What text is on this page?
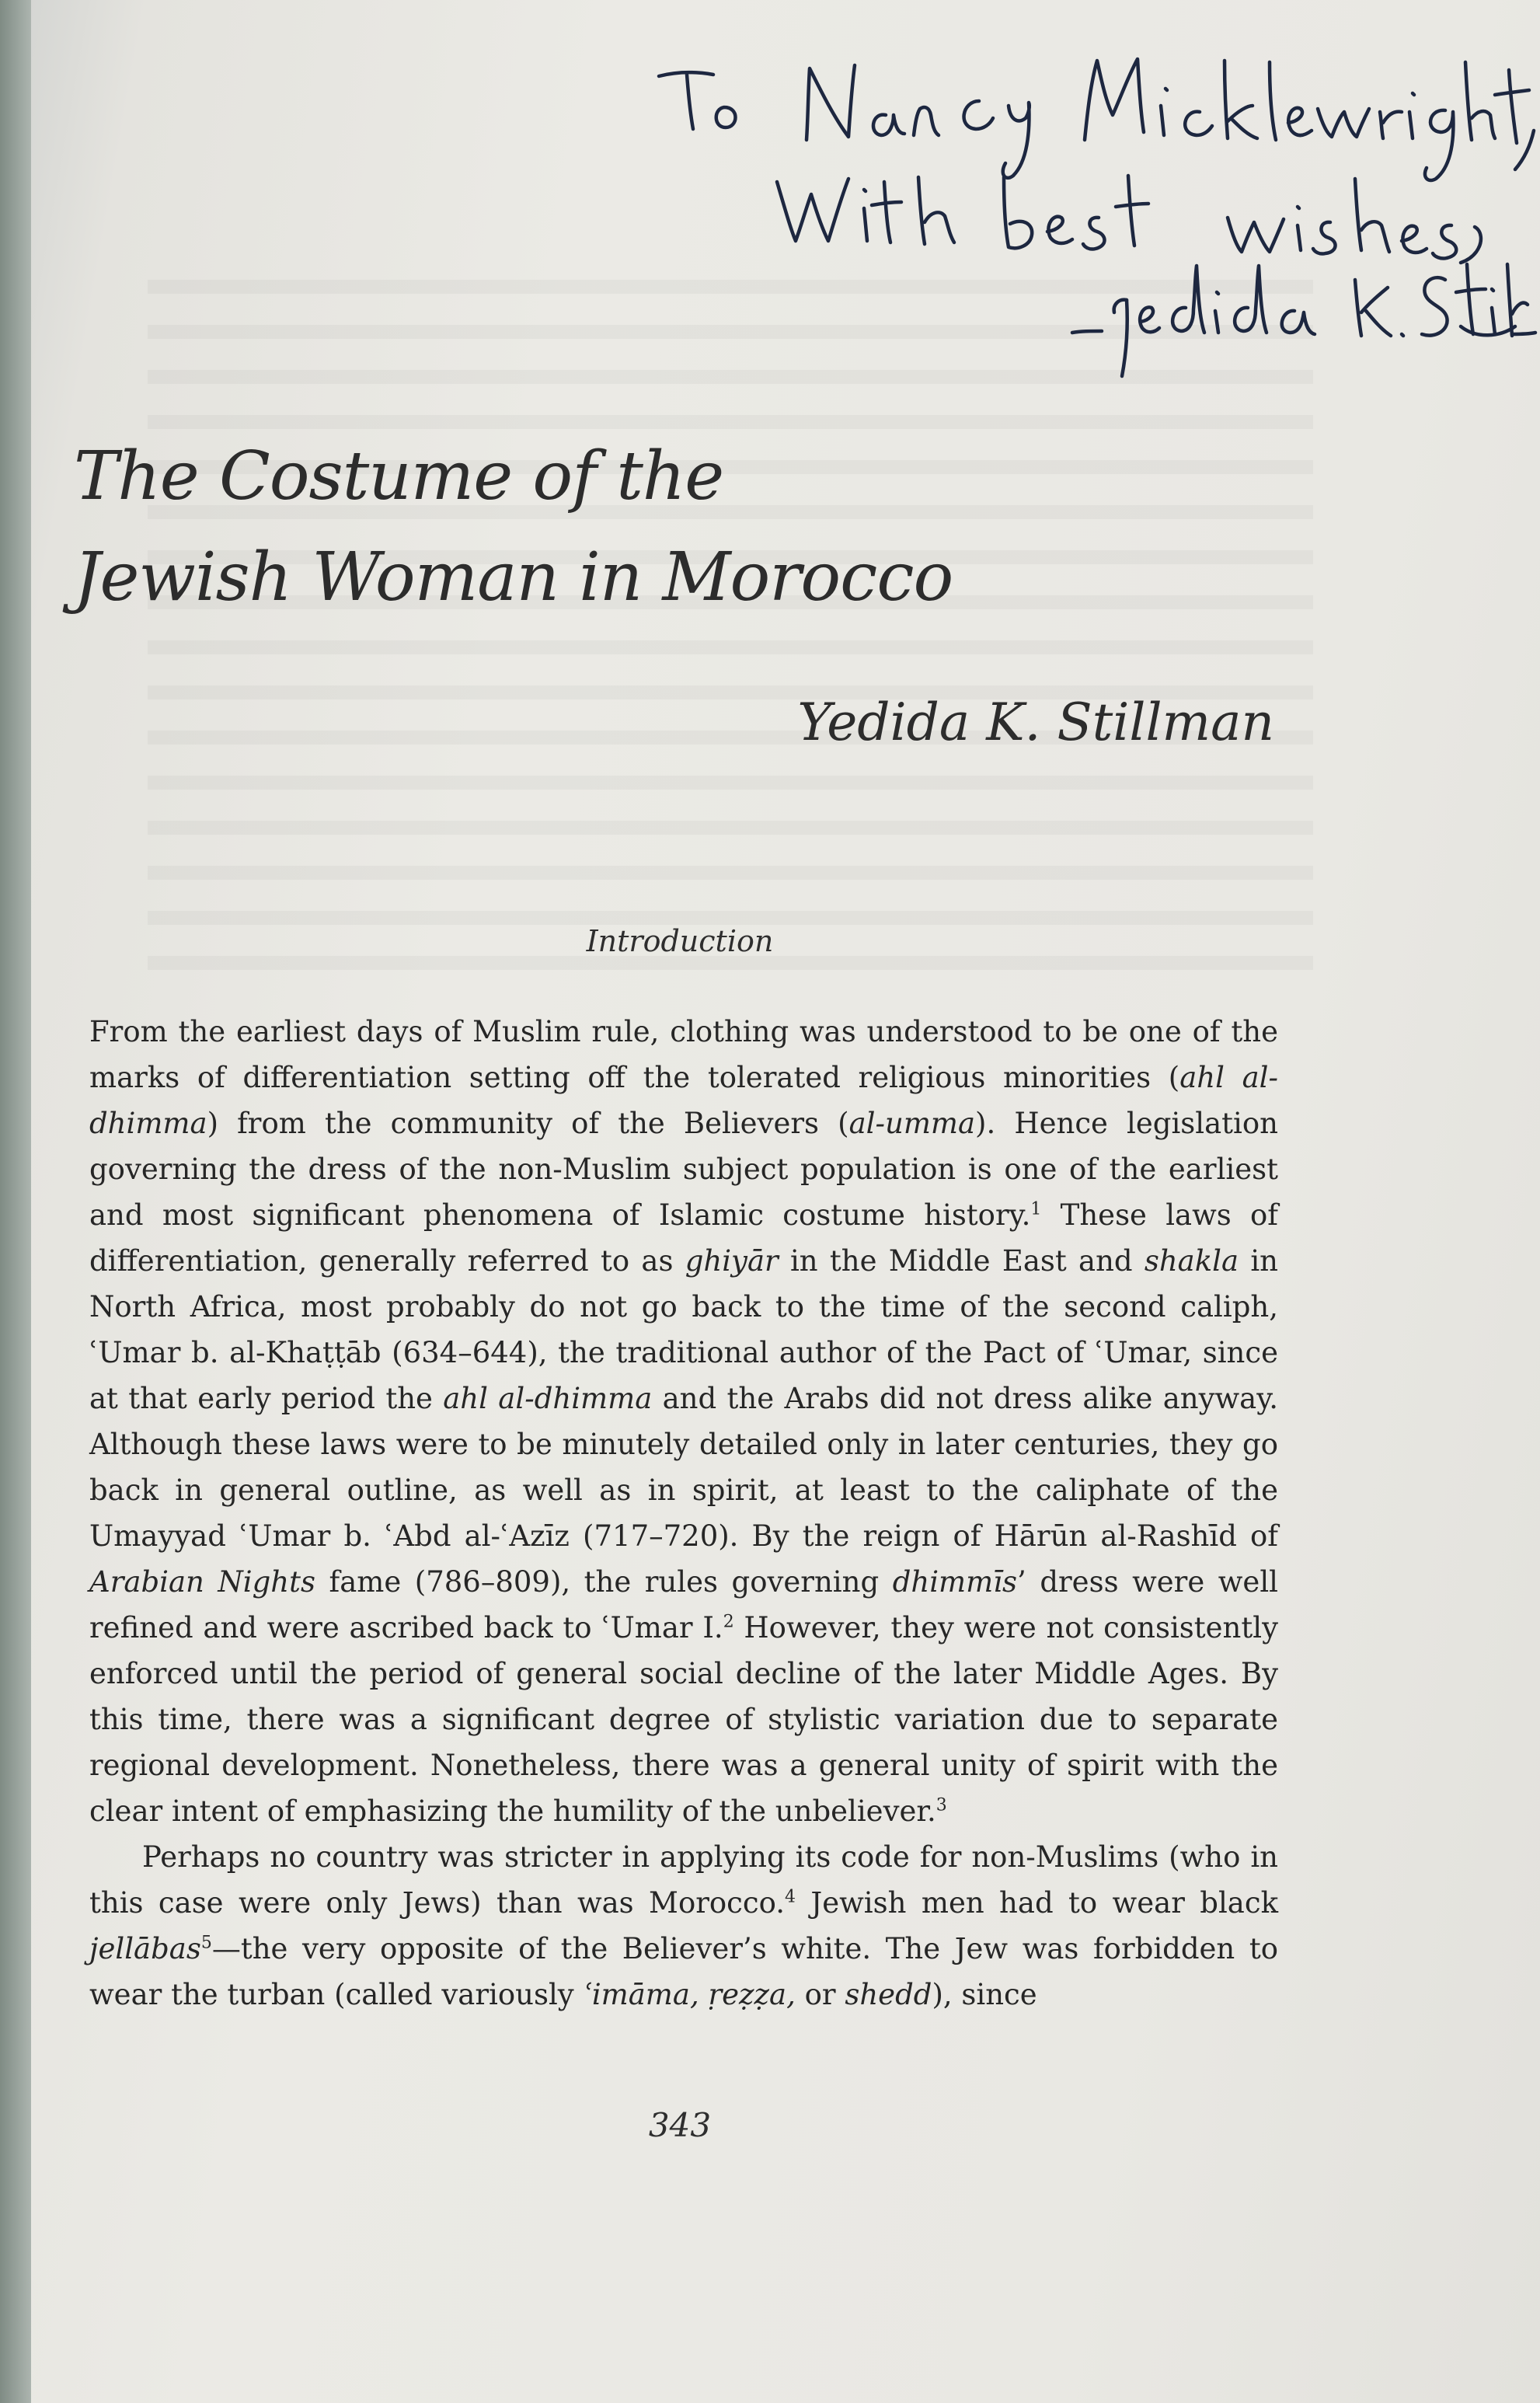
The Costume of the
Jewish Woman in Morocco

Yedida K. Stillman

Introduction

From the earliest days of Muslim rule, clothing was understood to be one of the marks of differentiation setting off the tolerated religious minorities (ahl al-dhimma) from the community of the Believers (al-umma). Hence legislation governing the dress of the non-Muslim subject population is one of the earliest and most significant phenomena of Islamic costume history.$^1$ These laws of differentiation, generally referred to as ghiyār in the Middle East and shakla in North Africa, most probably do not go back to the time of the second caliph, ʿUmar b. al-Khaṭṭāb (634–644), the traditional author of the Pact of ʿUmar, since at that early period the ahl al-dhimma and the Arabs did not dress alike anyway. Although these laws were to be minutely detailed only in later centuries, they go back in general outline, as well as in spirit, at least to the caliphate of the Umayyad ʿUmar b. ʿAbd al-ʿAzīz (717–720). By the reign of Hārūn al-Rashīd of Arabian Nights fame (786–809), the rules governing dhimmīs’ dress were well refined and were ascribed back to ʿUmar I.$^2$ However, they were not consistently enforced until the period of general social decline of the later Middle Ages. By this time, there was a significant degree of stylistic variation due to separate regional development. Nonetheless, there was a general unity of spirit with the clear intent of emphasizing the humility of the unbeliever.$^3$

Perhaps no country was stricter in applying its code for non-Muslims (who in this case were only Jews) than was Morocco.$^4$ Jewish men had to wear black jellābas$^5$—the very opposite of the Believer’s white. The Jew was forbidden to wear the turban (called variously ʿimāma, ṛeẓẓa, or shedd), since

343
